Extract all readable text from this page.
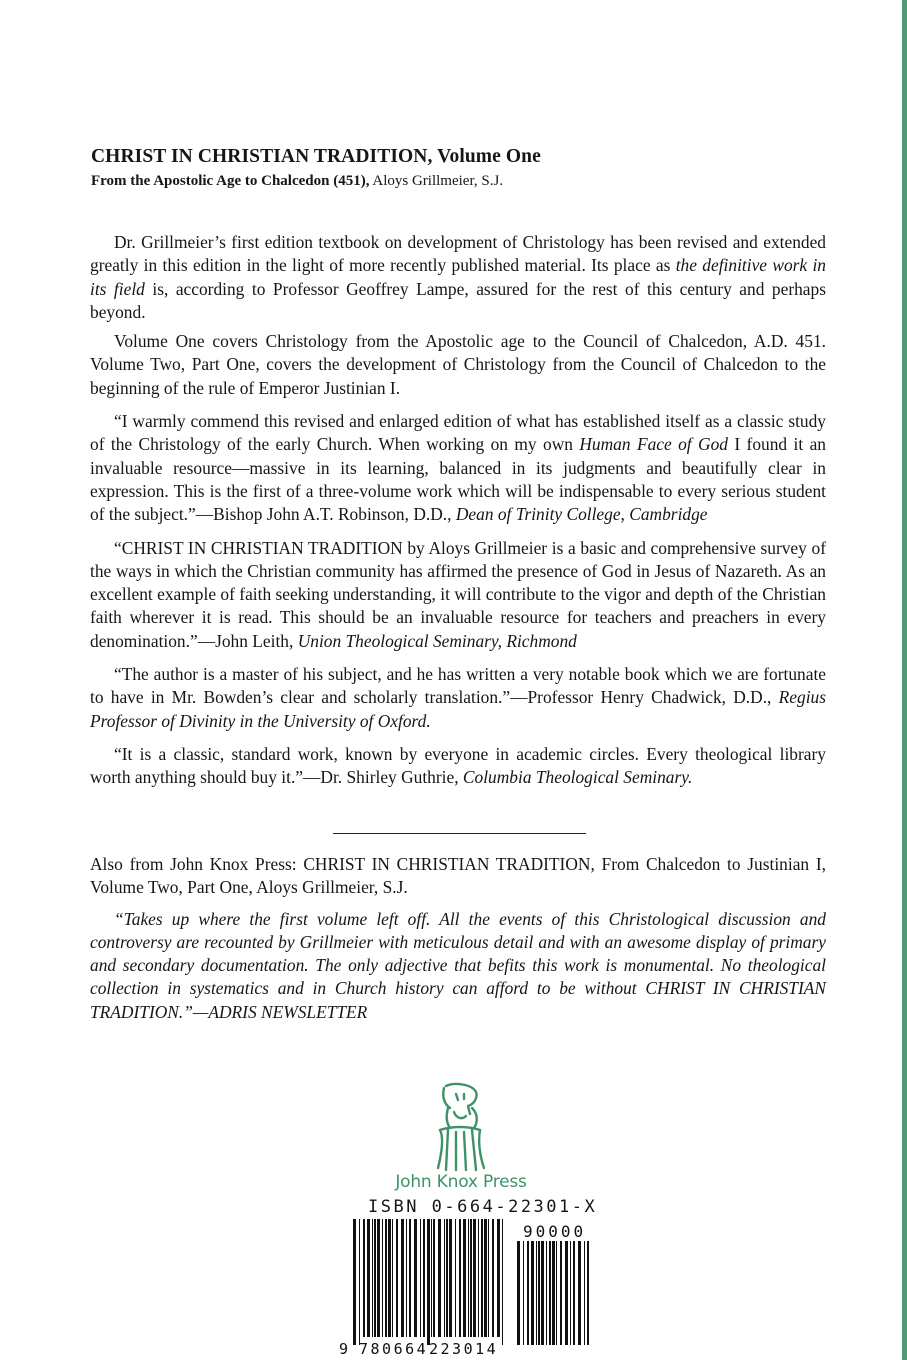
CHRIST IN CHRISTIAN TRADITION, Volume One

From the Apostolic Age to Chalcedon (451), Aloys Grillmeier, S.J.

Dr. Grillmeier’s first edition textbook on development of Christology has been revised and extended greatly in this edition in the light of more recently published material. Its place as the definitive work in its field is, according to Professor Geoffrey Lampe, assured for the rest of this century and perhaps beyond.

Volume One covers Christology from the Apostolic age to the Council of Chalcedon, A.D. 451. Volume Two, Part One, covers the development of Christology from the Council of Chalcedon to the beginning of the rule of Emperor Justinian I.

“I warmly commend this revised and enlarged edition of what has established itself as a classic study of the Christology of the early Church. When working on my own Human Face of God I found it an invaluable resource—massive in its learning, balanced in its judgments and beautifully clear in expression. This is the first of a three-volume work which will be indispensable to every serious student of the subject.”—Bishop John A.T. Robinson, D.D., Dean of Trinity College, Cambridge

“CHRIST IN CHRISTIAN TRADITION by Aloys Grillmeier is a basic and comprehensive survey of the ways in which the Christian community has affirmed the presence of God in Jesus of Nazareth. As an excellent example of faith seeking understanding, it will contribute to the vigor and depth of the Christian faith wherever it is read. This should be an invaluable resource for teachers and preachers in every denomination.”—John Leith, Union Theological Seminary, Richmond

“The author is a master of his subject, and he has written a very notable book which we are fortunate to have in Mr. Bowden’s clear and scholarly translation.”—Professor Henry Chadwick, D.D., Regius Professor of Divinity in the University of Oxford.

“It is a classic, standard work, known by everyone in academic circles. Every theological library worth anything should buy it.”—Dr. Shirley Guthrie, Columbia Theological Seminary.

Also from John Knox Press: CHRIST IN CHRISTIAN TRADITION, From Chalcedon to Justinian I, Volume Two, Part One, Aloys Grillmeier, S.J.

“Takes up where the first volume left off. All the events of this Christological discussion and controversy are recounted by Grillmeier with meticulous detail and with an awesome display of primary and secondary documentation. The only adjective that befits this work is monumental. No theological collection in systematics and in Church history can afford to be without CHRIST IN CHRISTIAN TRADITION.”—ADRIS NEWSLETTER

John Knox Press
ISBN 0-664-22301-X
90000
9 780664 223014
